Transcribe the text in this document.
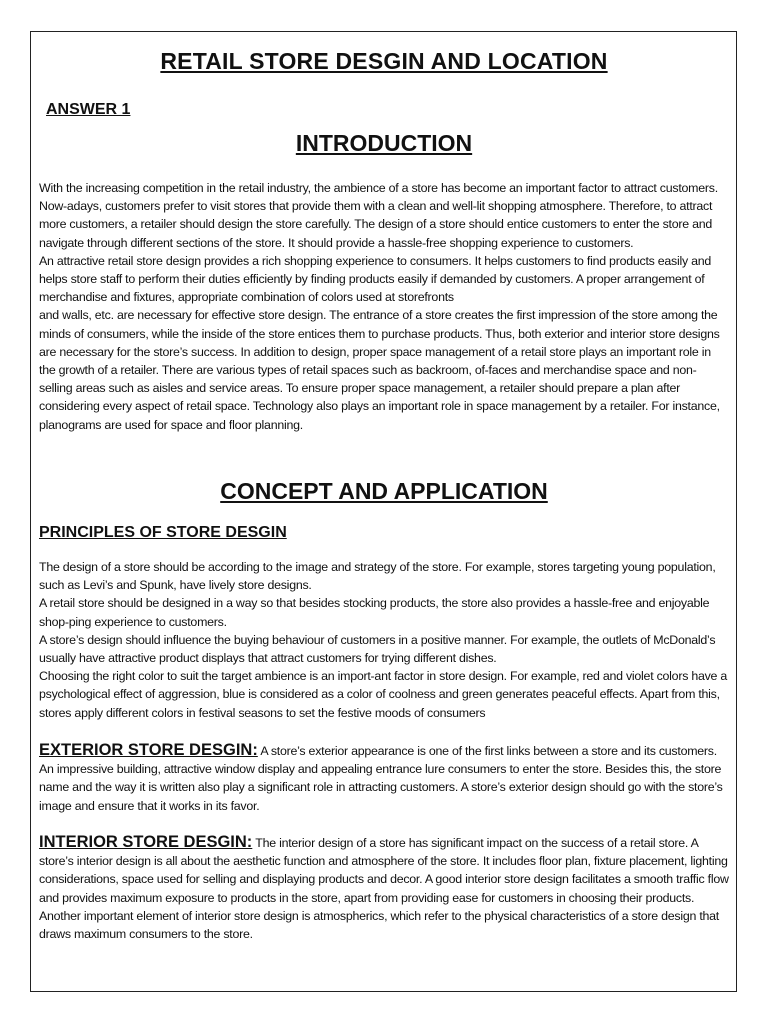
RETAIL STORE DESGIN AND LOCATION
ANSWER 1
INTRODUCTION

With the increasing competition in the retail industry, the ambience of a store has become an important factor to attract customers. Now-adays, customers prefer to visit stores that provide them with a clean and well-lit shopping atmosphere. Therefore, to attract more customers, a retailer should design the store carefully. The design of a store should entice customers to enter the store and navigate through different sections of the store. It should provide a hassle-free shopping experience to customers.

An attractive retail store design provides a rich shopping experience to consumers. It helps customers to find products easily and helps store staff to perform their duties efficiently by finding products easily if demanded by customers. A proper arrangement of merchandise and fixtures, appropriate combination of colors used at storefronts

and walls, etc. are necessary for effective store design. The entrance of a store creates the first impression of the store among the minds of consumers, while the inside of the store entices them to purchase products. Thus, both exterior and interior store designs are necessary for the store’s success. In addition to design, proper space management of a retail store plays an important role in the growth of a retailer. There are various types of retail spaces such as backroom, of-faces and merchandise space and non-selling areas such as aisles and service areas. To ensure proper space management, a retailer should prepare a plan after considering every aspect of retail space. Technology also plays an important role in space management by a retailer. For instance, planograms are used for space and floor planning.

CONCEPT AND APPLICATION
PRINCIPLES OF STORE DESGIN

The design of a store should be according to the image and strategy of the store. For example, stores targeting young population, such as Levi’s and Spunk, have lively store designs.

A retail store should be designed in a way so that besides stocking products, the store also provides a hassle-free and enjoyable shop-ping experience to customers.

A store’s design should influence the buying behaviour of customers in a positive manner. For example, the outlets of McDonald’s usually have attractive product displays that attract customers for trying different dishes.

Choosing the right color to suit the target ambience is an import-ant factor in store design. For example, red and violet colors have a psychological effect of aggression, blue is considered as a color of coolness and green generates peaceful effects. Apart from this, stores apply different colors in festival seasons to set the festive moods of consumers

EXTERIOR STORE DESGIN: A store’s exterior appearance is one of the first links between a store and its customers. An impressive building, attractive window display and appealing entrance lure consumers to enter the store. Besides this, the store name and the way it is written also play a significant role in attracting customers. A store’s exterior design should go with the store’s image and ensure that it works in its favor.

INTERIOR STORE DESGIN: The interior design of a store has significant impact on the success of a retail store. A store’s interior design is all about the aesthetic function and atmosphere of the store. It includes floor plan, fixture placement, lighting considerations, space used for selling and displaying products and decor. A good interior store design facilitates a smooth traffic flow and provides maximum exposure to products in the store, apart from providing ease for customers in choosing their products. Another important element of interior store design is atmospherics, which refer to the physical characteristics of a store design that draws maximum consumers to the store.
